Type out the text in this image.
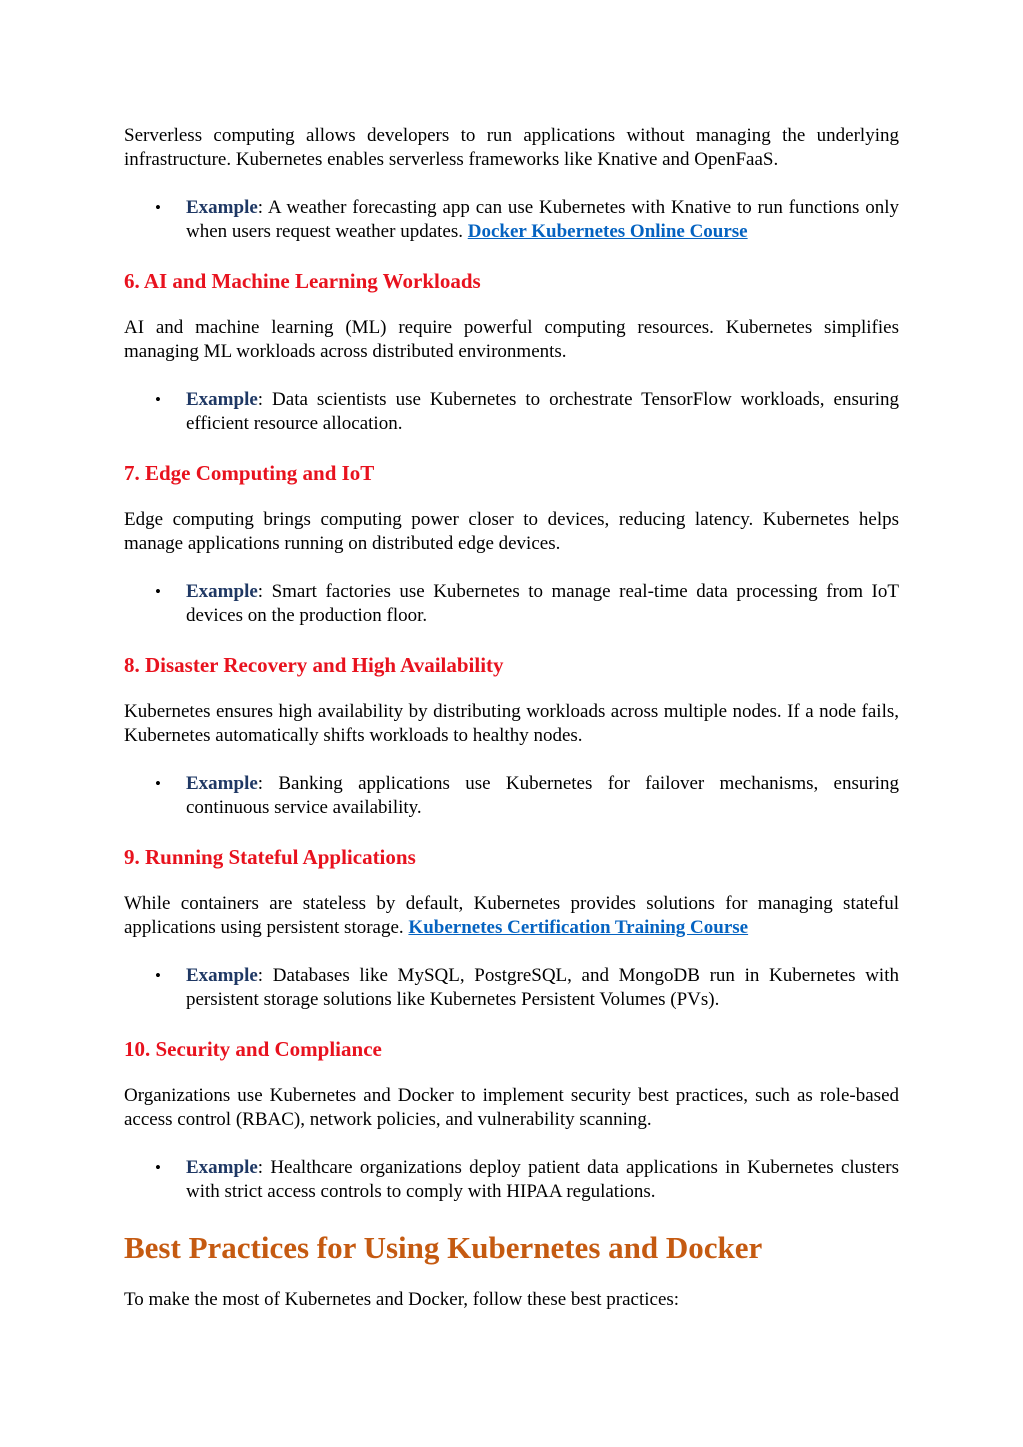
Serverless computing allows developers to run applications without managing the underlying infrastructure. Kubernetes enables serverless frameworks like Knative and OpenFaaS.

• Example: A weather forecasting app can use Kubernetes with Knative to run functions only when users request weather updates. Docker Kubernetes Online Course
6. AI and Machine Learning Workloads

AI and machine learning (ML) require powerful computing resources. Kubernetes simplifies managing ML workloads across distributed environments.

• Example: Data scientists use Kubernetes to orchestrate TensorFlow workloads, ensuring efficient resource allocation.
7. Edge Computing and IoT

Edge computing brings computing power closer to devices, reducing latency. Kubernetes helps manage applications running on distributed edge devices.

• Example: Smart factories use Kubernetes to manage real-time data processing from IoT devices on the production floor.
8. Disaster Recovery and High Availability

Kubernetes ensures high availability by distributing workloads across multiple nodes. If a node fails, Kubernetes automatically shifts workloads to healthy nodes.

• Example: Banking applications use Kubernetes for failover mechanisms, ensuring continuous service availability.
9. Running Stateful Applications

While containers are stateless by default, Kubernetes provides solutions for managing stateful applications using persistent storage. Kubernetes Certification Training Course

• Example: Databases like MySQL, PostgreSQL, and MongoDB run in Kubernetes with persistent storage solutions like Kubernetes Persistent Volumes (PVs).
10. Security and Compliance

Organizations use Kubernetes and Docker to implement security best practices, such as role-based access control (RBAC), network policies, and vulnerability scanning.

• Example: Healthcare organizations deploy patient data applications in Kubernetes clusters with strict access controls to comply with HIPAA regulations.
Best Practices for Using Kubernetes and Docker

To make the most of Kubernetes and Docker, follow these best practices:
